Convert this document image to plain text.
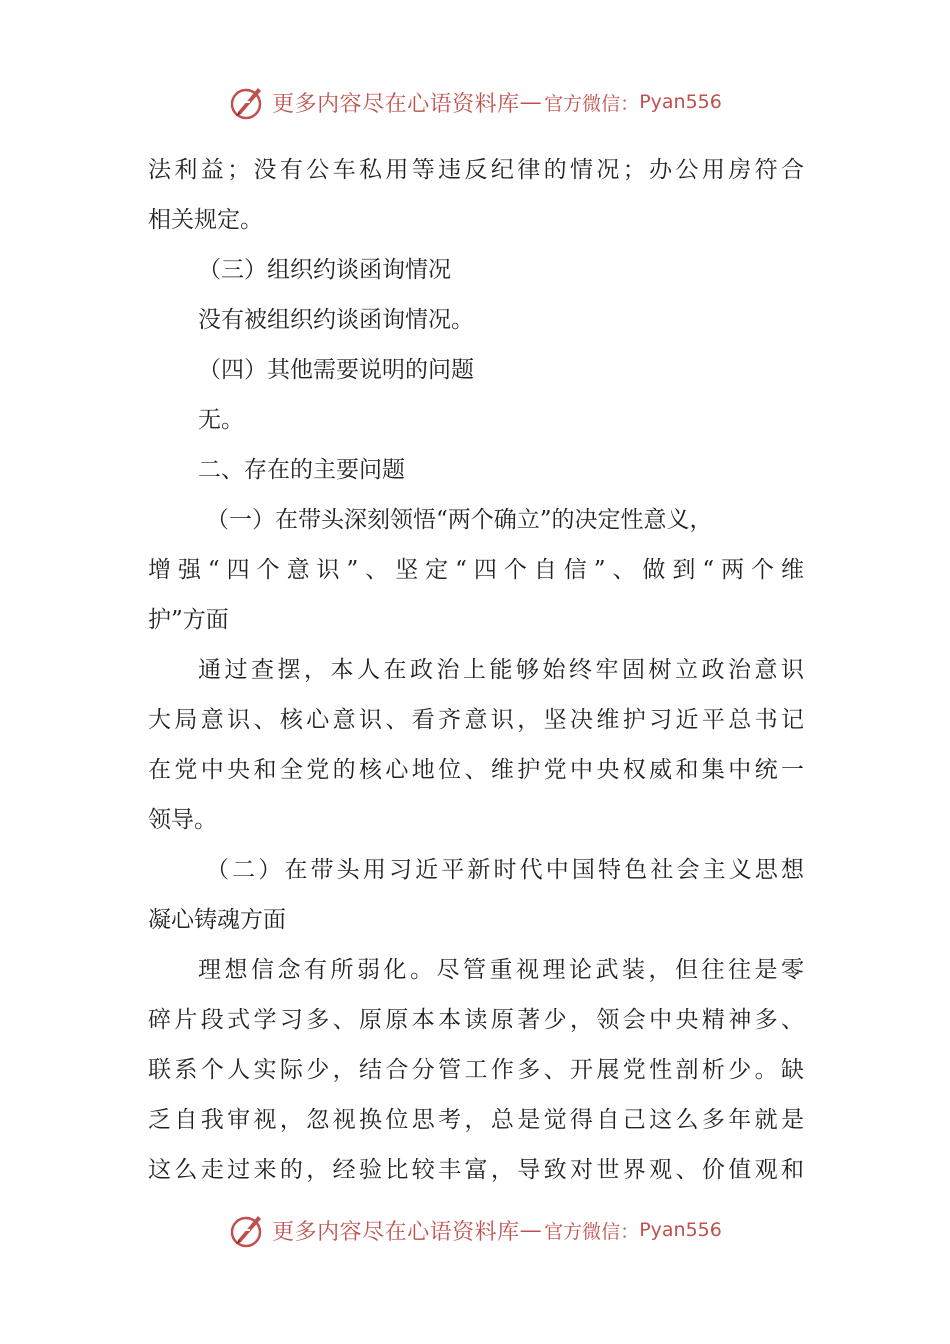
更多内容尽在心语资料库 — 官方微信： Pyan556
法利益；没有公车私用等违反纪律的情况；办公用房符合
相关规定。
（三）组织约谈函询情况
没有被组织约谈函询情况。
（四）其他需要说明的问题
无。
二、存在的主要问题
（一）在带头深刻领悟“两个确立”的决定性意义，
增强“四个意识”、坚定“四个自信”、做到“两个维
护”方面
通过查摆，本人在政治上能够始终牢固树立政治意识
大局意识、核心意识、看齐意识，坚决维护习近平总书记
在党中央和全党的核心地位、维护党中央权威和集中统一
领导。
（二）在带头用习近平新时代中国特色社会主义思想
凝心铸魂方面
理想信念有所弱化。尽管重视理论武装，但往往是零
碎片段式学习多、原原本本读原著少，领会中央精神多、
联系个人实际少，结合分管工作多、开展党性剖析少。缺
乏自我审视，忽视换位思考，总是觉得自己这么多年就是
这么走过来的，经验比较丰富，导致对世界观、价值观和
更多内容尽在心语资料库 — 官方微信： Pyan556
